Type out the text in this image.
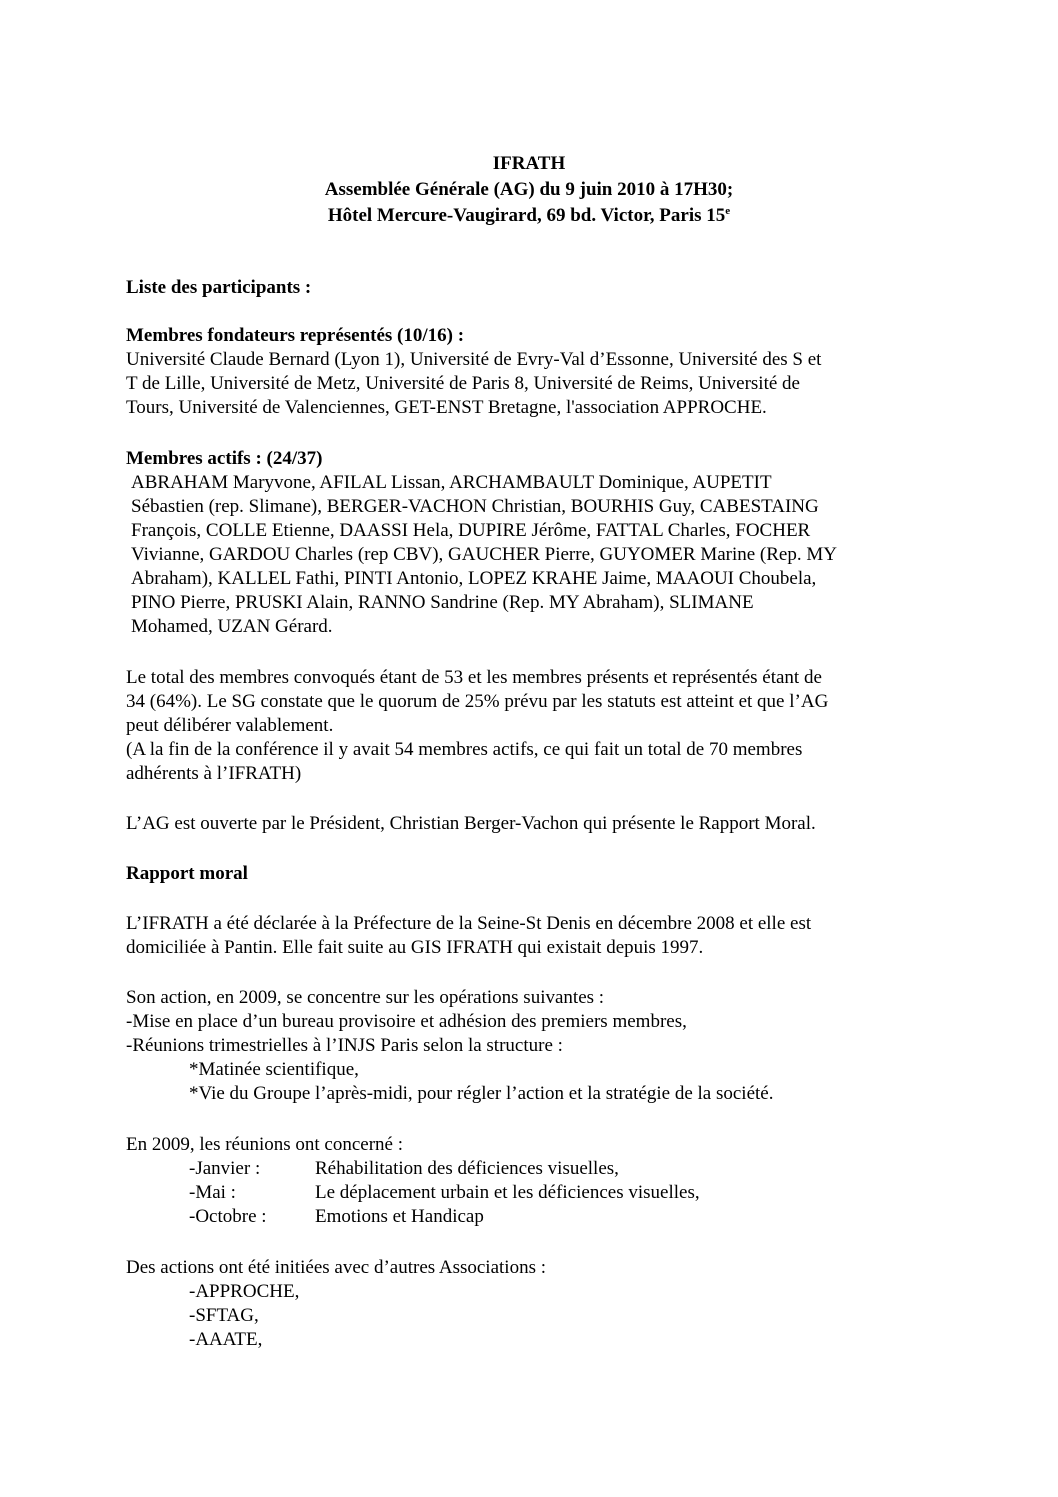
IFRATH
Assemblée Générale (AG) du 9 juin 2010 à 17H30;
Hôtel Mercure-Vaugirard, 69 bd. Victor, Paris 15e
Liste des participants :
Membres fondateurs représentés (10/16) :
Université Claude Bernard (Lyon 1), Université de Evry-Val d’Essonne, Université des S et
T de Lille, Université de Metz, Université de Paris 8, Université de Reims, Université de
Tours, Université de Valenciennes, GET-ENST Bretagne, l'association APPROCHE.
Membres actifs : (24/37)
ABRAHAM Maryvone, AFILAL Lissan, ARCHAMBAULT Dominique, AUPETIT
Sébastien (rep. Slimane), BERGER-VACHON Christian, BOURHIS Guy, CABESTAING
François, COLLE Etienne, DAASSI Hela, DUPIRE Jérôme, FATTAL Charles, FOCHER
Vivianne, GARDOU Charles (rep CBV), GAUCHER Pierre, GUYOMER Marine (Rep. MY
Abraham), KALLEL Fathi, PINTI Antonio, LOPEZ KRAHE Jaime, MAAOUI Choubela,
PINO Pierre, PRUSKI Alain, RANNO Sandrine (Rep. MY Abraham), SLIMANE
Mohamed, UZAN Gérard.
Le total des membres convoqués étant de 53 et les membres présents et représentés étant de
34 (64%). Le SG constate que le quorum de 25% prévu par les statuts est atteint et que l’AG
peut délibérer valablement.
(A la fin de la conférence il y avait 54 membres actifs, ce qui fait un total de 70 membres
adhérents à l’IFRATH)
L’AG est ouverte par le Président, Christian Berger-Vachon qui présente le Rapport Moral.
Rapport moral
L’IFRATH a été déclarée à la Préfecture de la Seine-St Denis en décembre 2008 et elle est
domiciliée à Pantin. Elle fait suite au GIS IFRATH qui existait depuis 1997.
Son action, en 2009, se concentre sur les opérations suivantes :
-Mise en place d’un bureau provisoire et adhésion des premiers membres,
-Réunions trimestrielles à l’INJS Paris selon la structure :
*Matinée scientifique,
*Vie du Groupe l’après-midi, pour régler l’action et la stratégie de la société.
En 2009, les réunions ont concerné :
-Janvier :	Réhabilitation des déficiences visuelles,
-Mai :	Le déplacement urbain et les déficiences visuelles,
-Octobre :	Emotions et Handicap
Des actions ont été initiées avec d’autres Associations :
-APPROCHE,
-SFTAG,
-AAATE,
